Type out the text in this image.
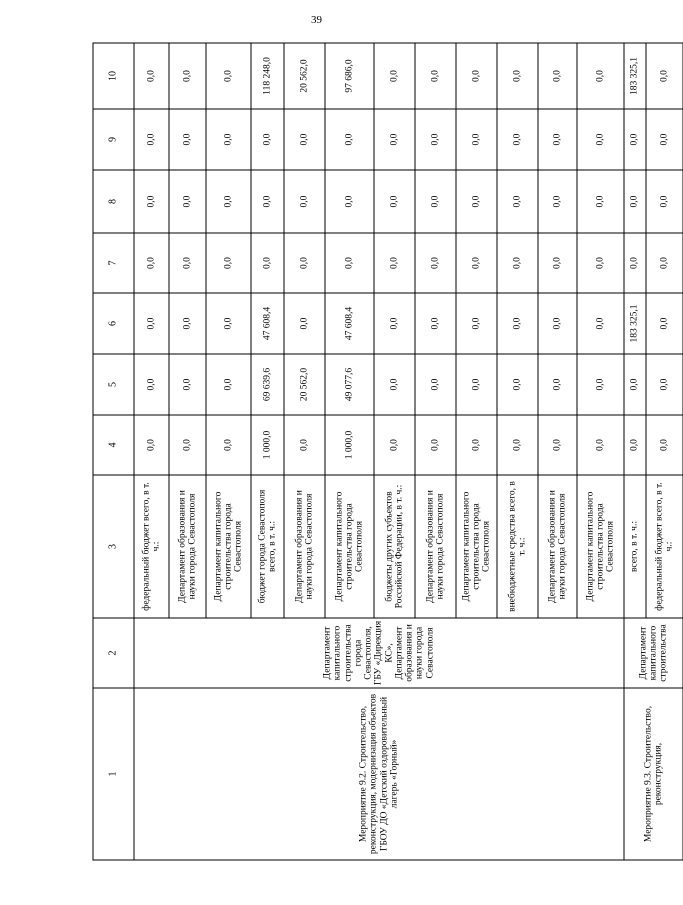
39
1	2	3	4	5	6	7	8	9	10
Мероприятие 9.2. Строительство, реконструкция, модернизация объектов ГБОУ ДО «Детский оздоровительный лагерь «Горный»	Департамент капитального строительства города Севастополя, ГБУ «Дирекция КС», Департамент образования и науки города Севастополя	федеральный бюджет всего, в т. ч.:	0,0	0,0	0,0	0,0	0,0	0,0	0,0
		Департамент образования и науки города Севастополя	0,0	0,0	0,0	0,0	0,0	0,0	0,0
		Департамент капитального строительства города Севастополя	0,0	0,0	0,0	0,0	0,0	0,0	0,0
		бюджет города Севастополя всего, в т. ч.:	1 000,0	69 639,6	47 608,4	0,0	0,0	0,0	118 248,0
		Департамент образования и науки города Севастополя	0,0	20 562,0	0,0	0,0	0,0	0,0	20 562,0
		Департамент капитального строительства города Севастополя	1 000,0	49 077,6	47 608,4	0,0	0,0	0,0	97 686,0
		бюджеты других субъектов Российской Федерации, в т. ч.:	0,0	0,0	0,0	0,0	0,0	0,0	0,0
		Департамент образования и науки города Севастополя	0,0	0,0	0,0	0,0	0,0	0,0	0,0
		Департамент капитального строительства города Севастополя	0,0	0,0	0,0	0,0	0,0	0,0	0,0
		внебюджетные средства всего, в т. ч.:	0,0	0,0	0,0	0,0	0,0	0,0	0,0
		Департамент образования и науки города Севастополя	0,0	0,0	0,0	0,0	0,0	0,0	0,0
		Департамент капитального строительства города Севастополя	0,0	0,0	0,0	0,0	0,0	0,0	0,0
Мероприятие 9.3. Строительство, реконструкция,	Департамент капитального строительства	всего, в т. ч.:	0,0	0,0	183 325,1	0,0	0,0	0,0	183 325,1
		федеральный бюджет всего, в т. ч.:	0,0	0,0	0,0	0,0	0,0	0,0	0,0
